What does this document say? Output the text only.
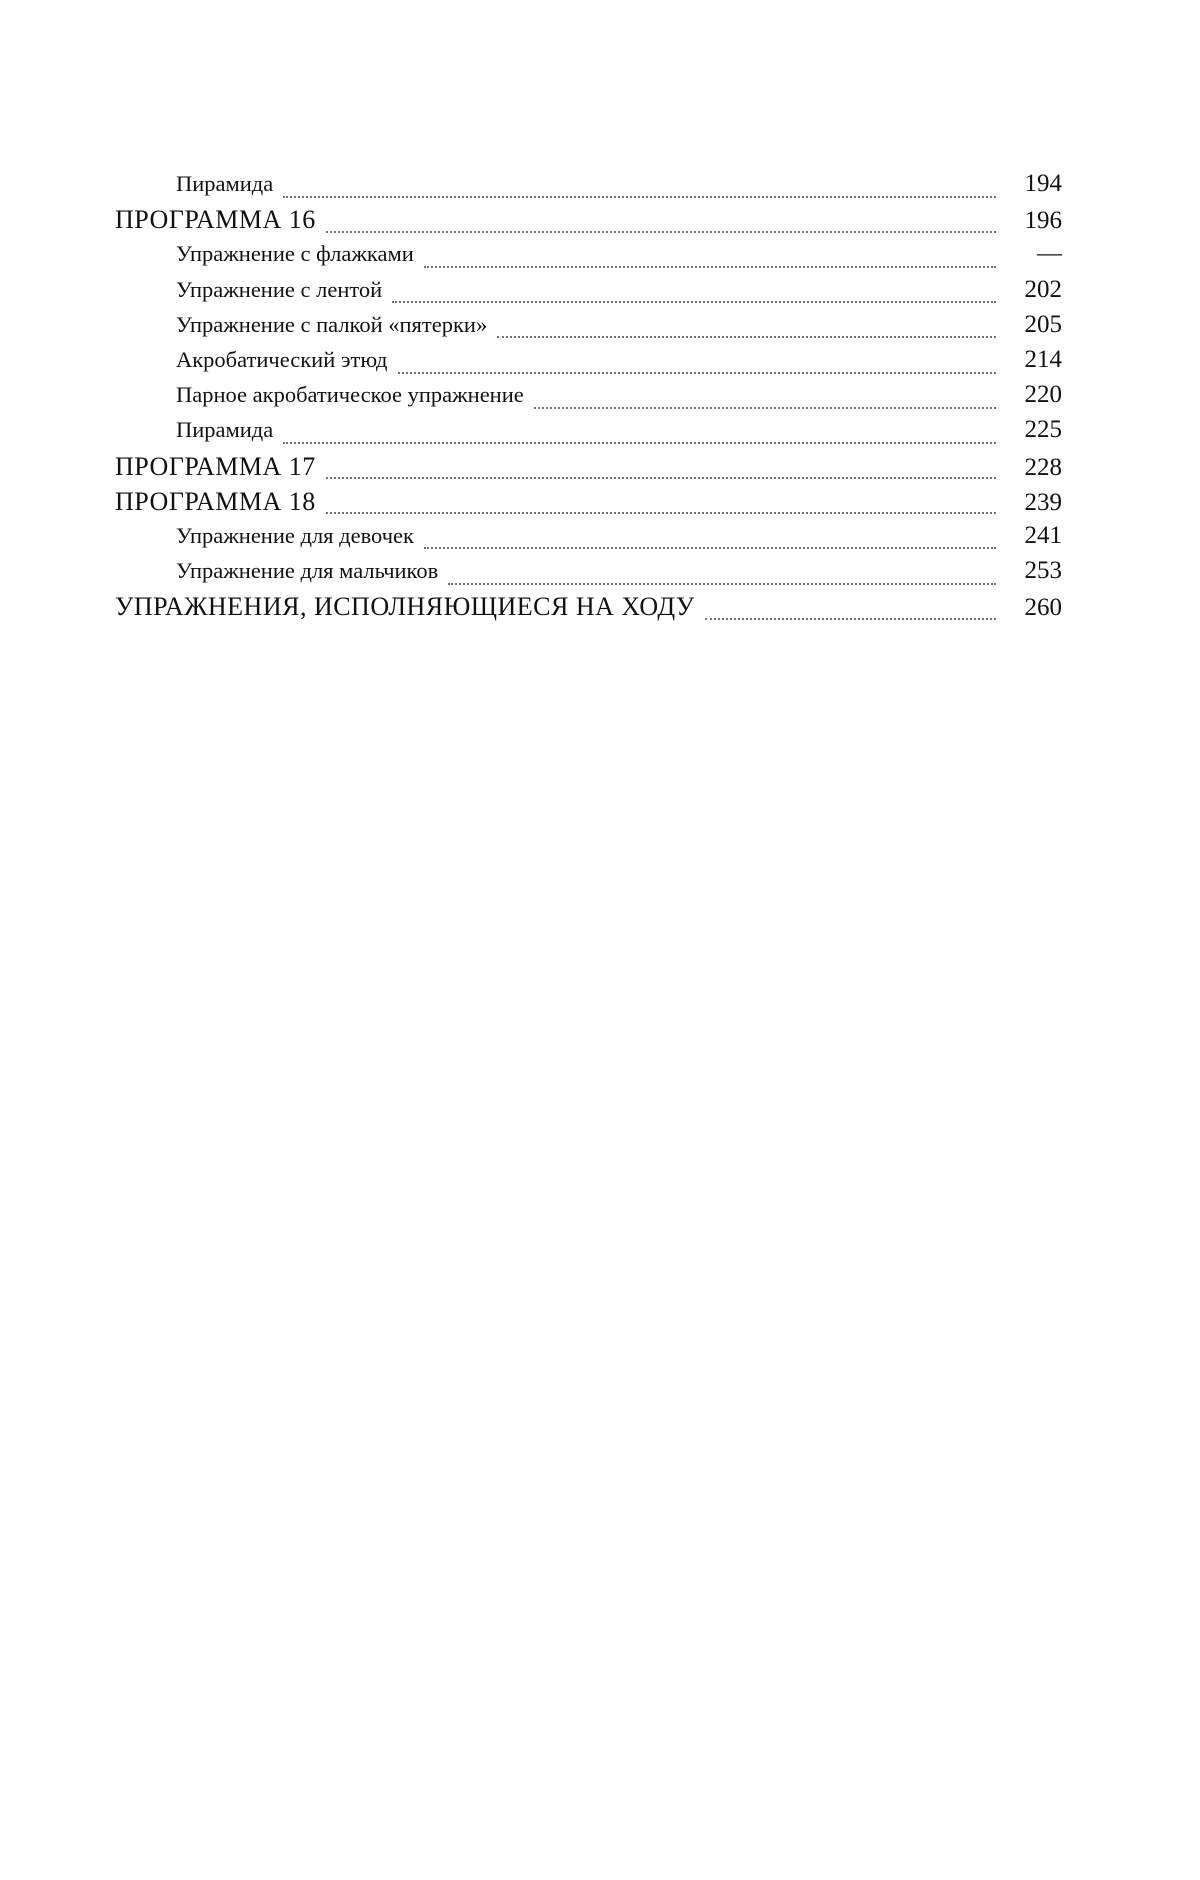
Пирамида	194
ПРОГРАММА 16	196
Упражнение с флажками	—
Упражнение с лентой	202
Упражнение с палкой «пятерки»	205
Акробатический этюд	214
Парное акробатическое упражнение	220
Пирамида	225
ПРОГРАММА 17	228
ПРОГРАММА 18	239
Упражнение для девочек	241
Упражнение для мальчиков	253
УПРАЖНЕНИЯ, ИСПОЛНЯЮЩИЕСЯ НА ХОДУ	260
